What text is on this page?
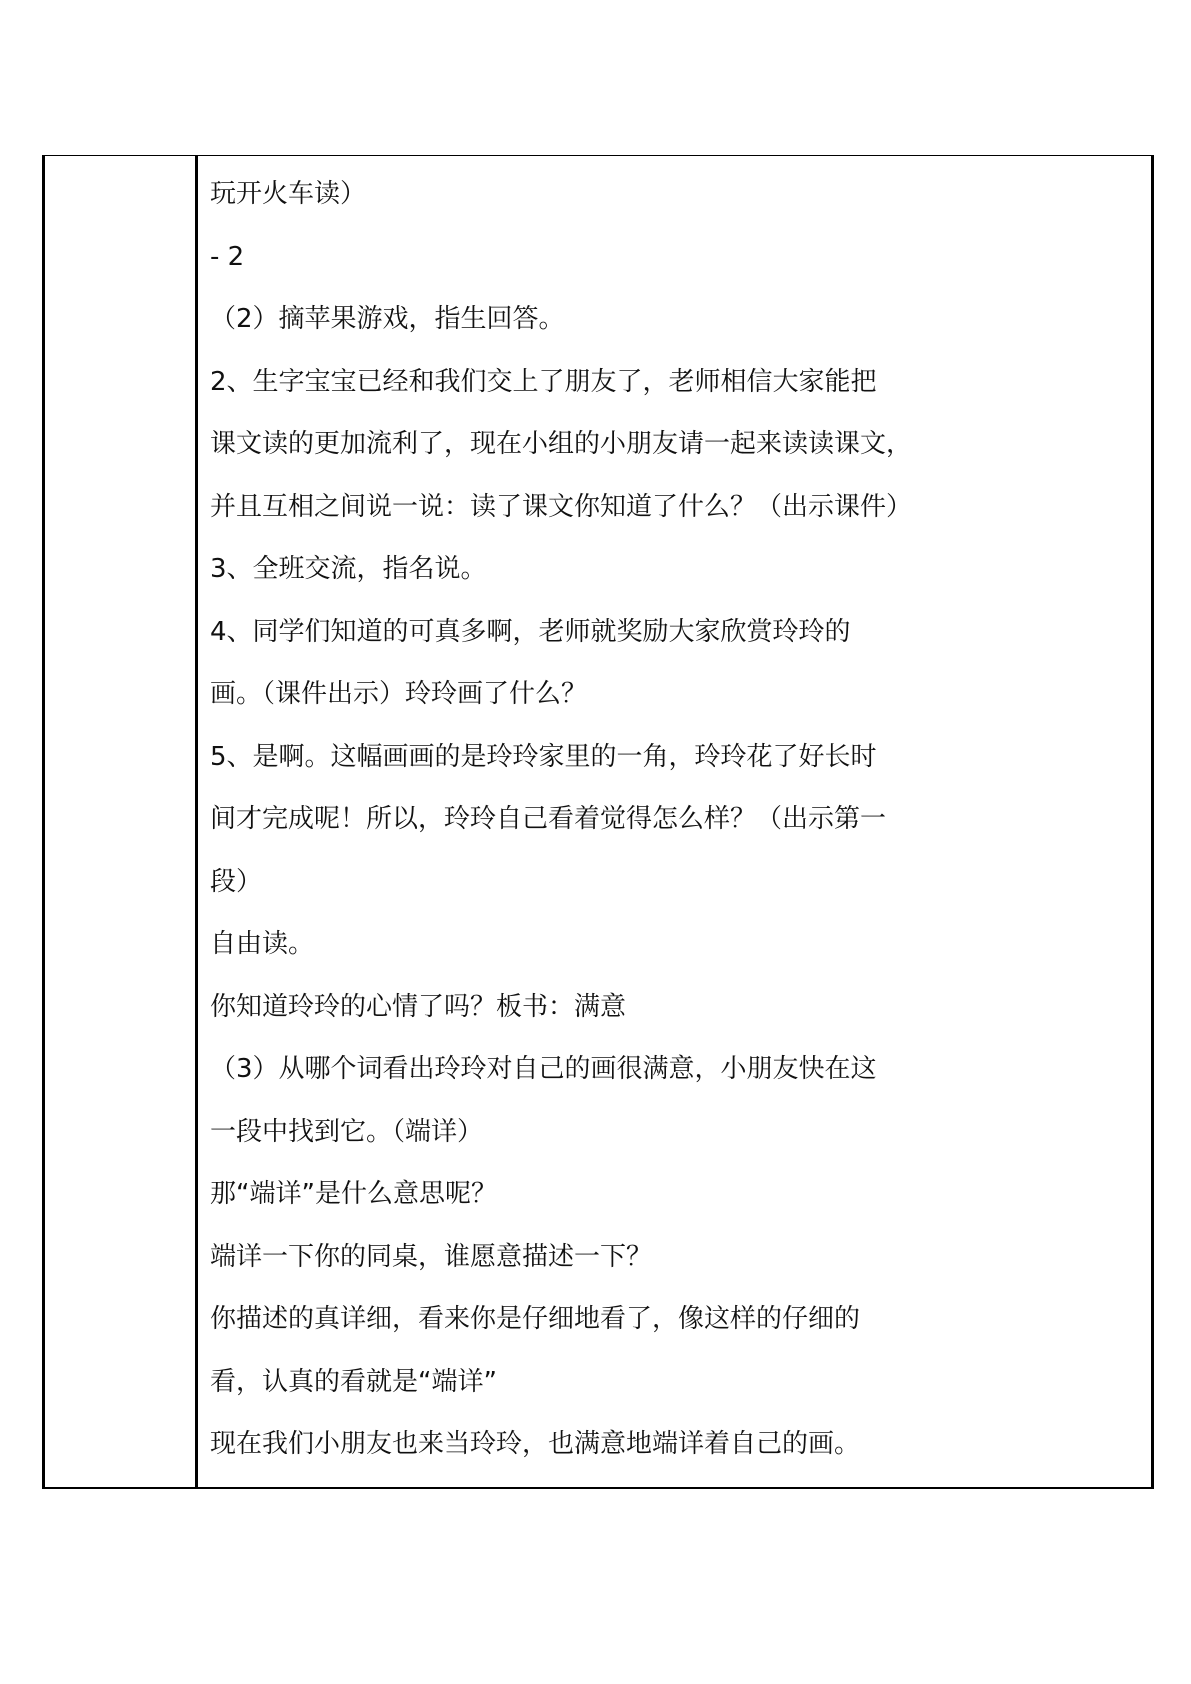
玩开火车读）
- 2
（2）摘苹果游戏，指生回答。
2、生字宝宝已经和我们交上了朋友了，老师相信大家能把
课文读的更加流利了，现在小组的小朋友请一起来读读课文，
并且互相之间说一说：读了课文你知道了什么？（出示课件）
3、全班交流，指名说。
4、同学们知道的可真多啊，老师就奖励大家欣赏玲玲的
画。（课件出示）玲玲画了什么？
5、是啊。这幅画画的是玲玲家里的一角，玲玲花了好长时
间才完成呢！所以，玲玲自己看着觉得怎么样？（出示第一
段）
自由读。
你知道玲玲的心情了吗？板书：满意
（3）从哪个词看出玲玲对自己的画很满意，小朋友快在这
一段中找到它。（端详）
那“端详”是什么意思呢？
端详一下你的同桌，谁愿意描述一下？
你描述的真详细，看来你是仔细地看了，像这样的仔细的
看，认真的看就是“端详”
现在我们小朋友也来当玲玲，也满意地端详着自己的画。
